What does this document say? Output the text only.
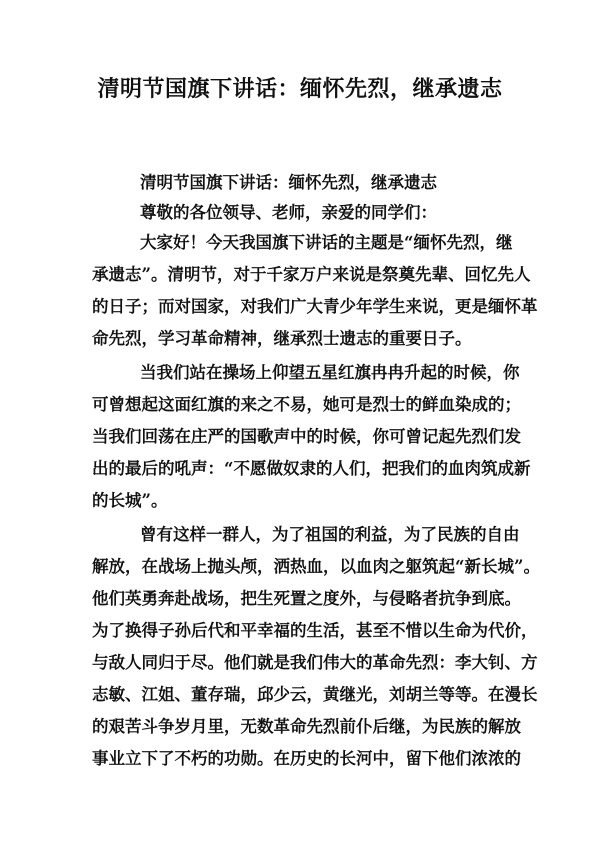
清明节国旗下讲话：缅怀先烈，继承遗志

清明节国旗下讲话：缅怀先烈，继承遗志

尊敬的各位领导、老师，亲爱的同学们：

大家好！今天我国旗下讲话的主题是“缅怀先烈，继

承遗志”。清明节，对于千家万户来说是祭奠先辈、回忆先人

的日子；而对国家，对我们广大青少年学生来说，更是缅怀革

命先烈，学习革命精神，继承烈士遗志的重要日子。

当我们站在操场上仰望五星红旗冉冉升起的时候，你

可曾想起这面红旗的来之不易，她可是烈士的鲜血染成的；

当我们回荡在庄严的国歌声中的时候，你可曾记起先烈们发

出的最后的吼声：“不愿做奴隶的人们，把我们的血肉筑成新

的长城”。

曾有这样一群人，为了祖国的利益，为了民族的自由

解放，在战场上抛头颅，洒热血，以血肉之躯筑起“新长城”。

他们英勇奔赴战场，把生死置之度外，与侵略者抗争到底。

为了换得子孙后代和平幸福的生活，甚至不惜以生命为代价，

与敌人同归于尽。他们就是我们伟大的革命先烈：李大钊、方

志敏、江姐、董存瑞，邱少云，黄继光，刘胡兰等等。在漫长

的艰苦斗争岁月里，无数革命先烈前仆后继，为民族的解放

事业立下了不朽的功勋。在历史的长河中，留下他们浓浓的
